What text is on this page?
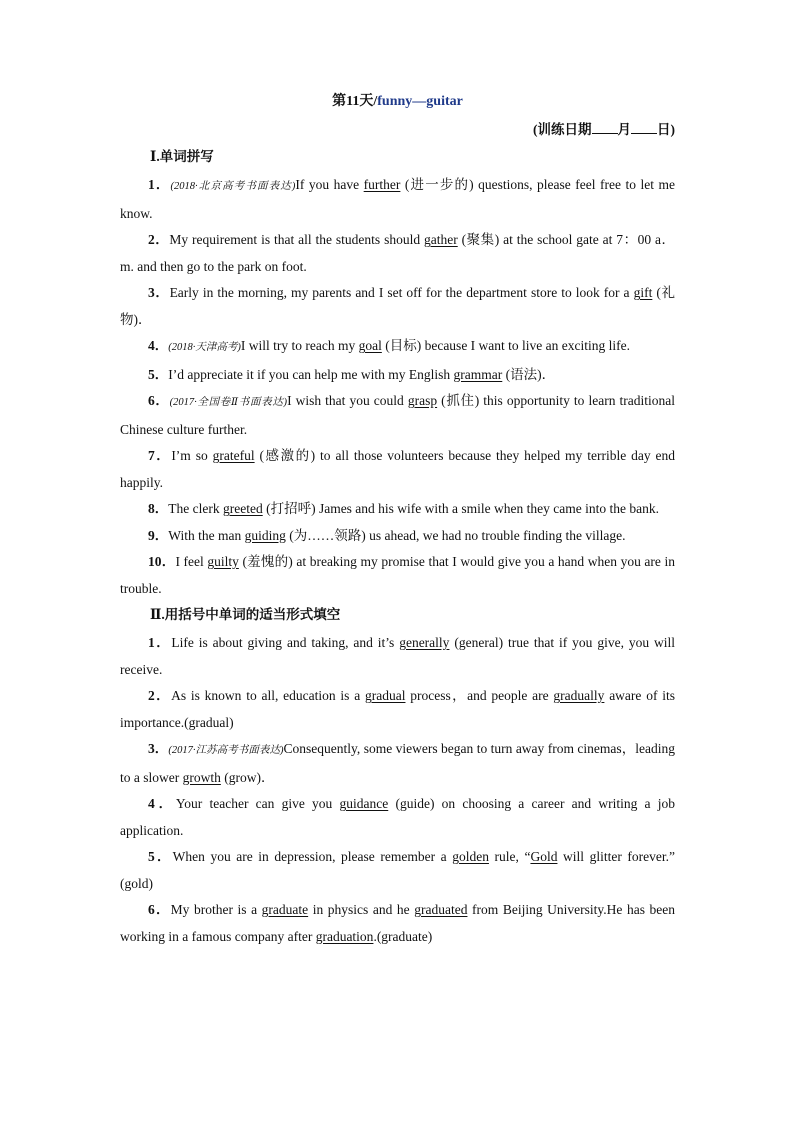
第11天/funny—guitar
(训练日期 月 日)
Ⅰ.单词拼写

1．(2018·北京高考书面表达)If you have further (进一步的) questions, please feel free to let me know.

2．My requirement is that all the students should gather (聚集) at the school gate at 7：00 a．m. and then go to the park on foot.

3．Early in the morning, my parents and I set off for the department store to look for a gift (礼物)．

4．(2018·天津高考)I will try to reach my goal (目标) because I want to live an exciting life.

5．I’d appreciate it if you can help me with my English grammar (语法)．

6．(2017·全国卷Ⅱ书面表达)I wish that you could grasp (抓住) this opportunity to learn traditional Chinese culture further.

7．I’m so grateful (感激的) to all those volunteers because they helped my terrible day end happily.

8．The clerk greeted (打招呼) James and his wife with a smile when they came into the bank.

9．With the man guiding (为……领路) us ahead, we had no trouble finding the village.

10．I feel guilty (羞愧的) at breaking my promise that I would give you a hand when you are in trouble.

Ⅱ.用括号中单词的适当形式填空

1．Life is about giving and taking, and it’s generally (general) true that if you give, you will receive.

2．As is known to all, education is a gradual process，and people are gradually aware of its importance.(gradual)

3．(2017·江苏高考书面表达)Consequently, some viewers began to turn away from cinemas，leading to a slower growth (grow)．

4．Your teacher can give you guidance (guide) on choosing a career and writing a job application.

5．When you are in depression, please remember a golden rule, “Gold will glitter forever.” (gold)

6．My brother is a graduate in physics and he graduated from Beijing University.He has been working in a famous company after graduation.(graduate)
